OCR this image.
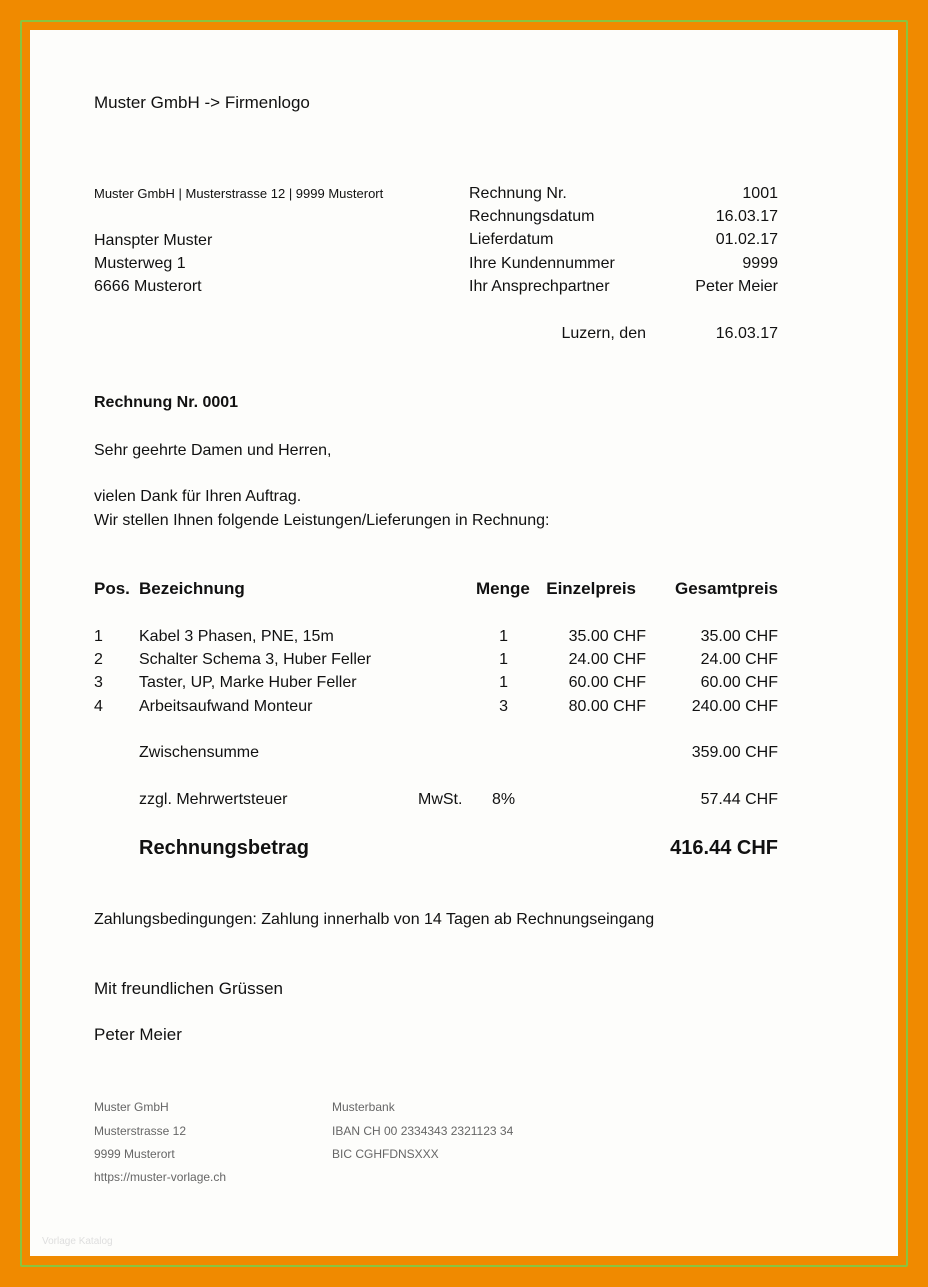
Muster GmbH -> Firmenlogo
Muster GmbH | Musterstrasse 12 | 9999 Musterort
Hanspter Muster
Musterweg 1
6666 Musterort
Rechnung Nr.	1001
Rechnungsdatum	16.03.17
Lieferdatum	01.02.17
Ihre Kundennummer	9999
Ihr Ansprechpartner	Peter Meier
Luzern, den	16.03.17
Rechnung Nr. 0001
Sehr geehrte Damen und Herren,
vielen Dank für Ihren Auftrag.
Wir stellen Ihnen folgende Leistungen/Lieferungen in Rechnung:
Pos. Bezeichnung	Menge Einzelpreis	Gesamtpreis
1 Kabel 3 Phasen, PNE, 15m	1	35.00 CHF	35.00 CHF
2 Schalter Schema 3, Huber Feller	1	24.00 CHF	24.00 CHF
3 Taster, UP, Marke Huber Feller	1	60.00 CHF	60.00 CHF
4 Arbeitsaufwand Monteur	3	80.00 CHF	240.00 CHF
Zwischensumme	359.00 CHF
zzgl. Mehrwertsteuer	MwSt. 8%	57.44 CHF
Rechnungsbetrag	416.44 CHF
Zahlungsbedingungen: Zahlung innerhalb von 14 Tagen ab Rechnungseingang
Mit freundlichen Grüssen
Peter Meier
Muster GmbH
Musterstrasse 12
9999 Musterort
https://muster-vorlage.ch
Musterbank
IBAN CH 00 2334343 2321123 34
BIC CGHFDNSXXX
Vorlage Katalog
